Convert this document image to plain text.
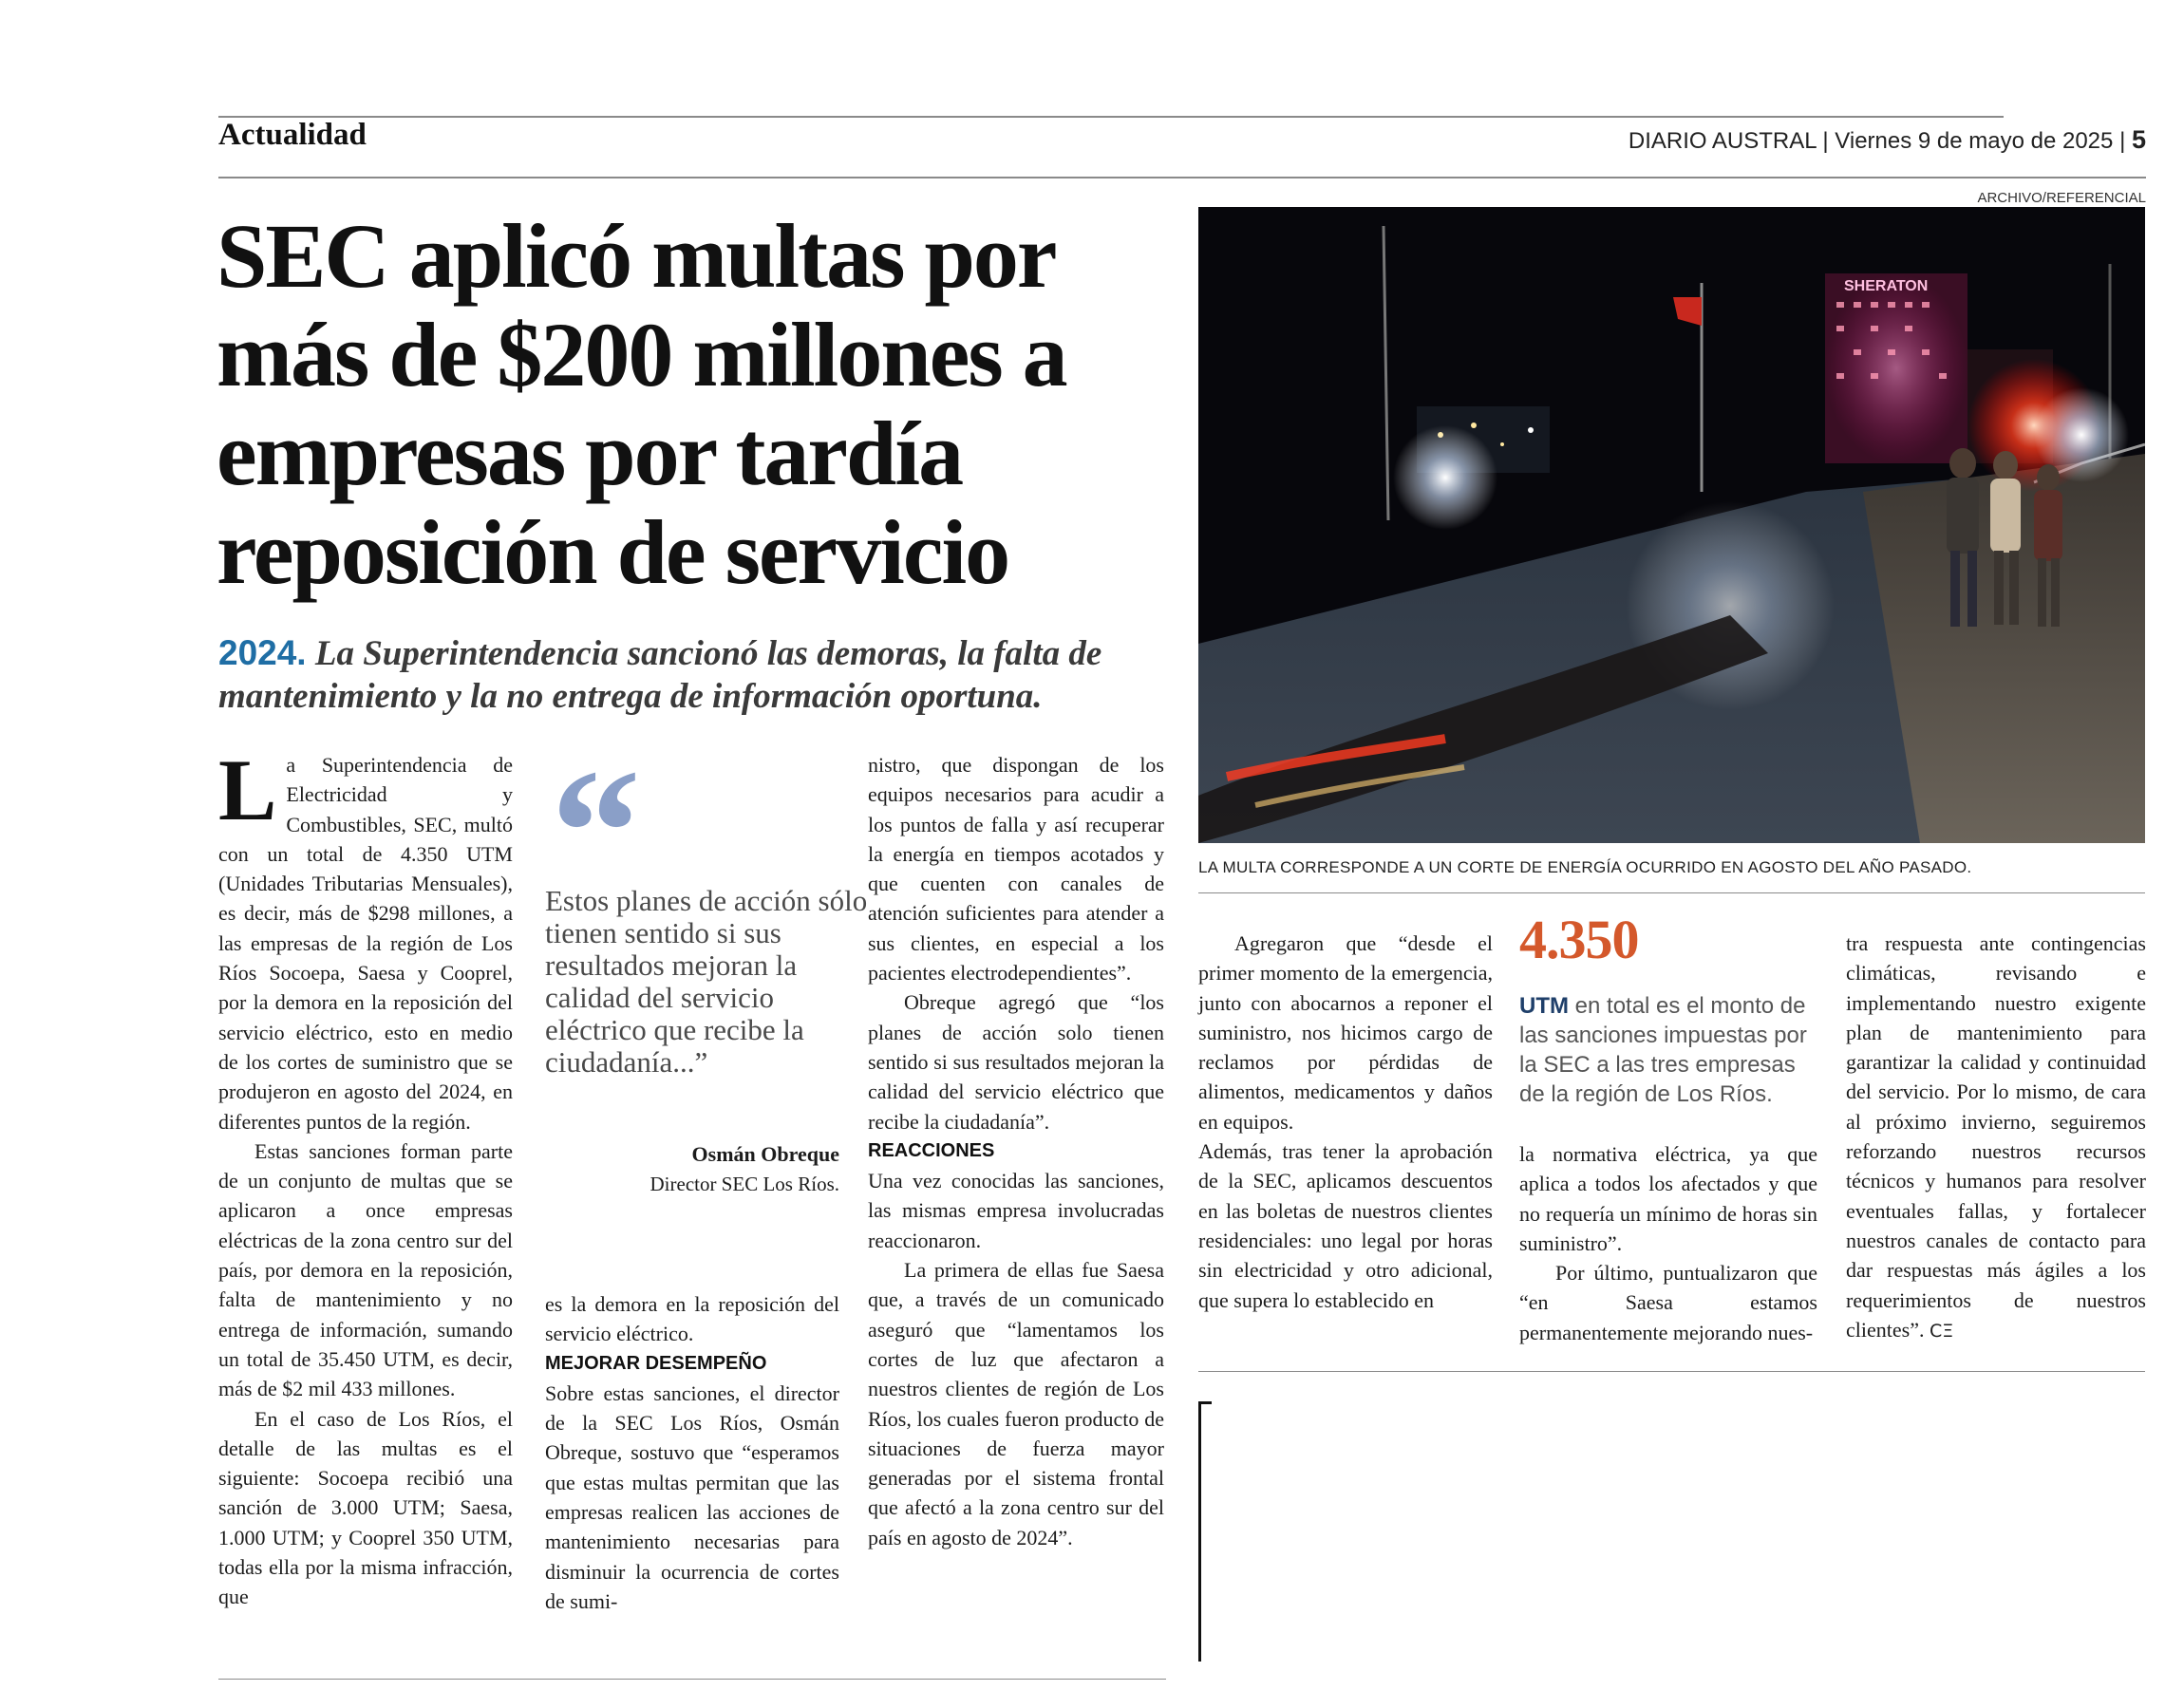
Actualidad	DIARIO AUSTRAL | Viernes 9 de mayo de 2025 | 5
SEC aplicó multas por más de $200 millones a empresas por tardía reposición de servicio
2024. La Superintendencia sancionó las demoras, la falta de mantenimiento y la no entrega de información oportuna.
ARCHIVO/REFERENCIAL
SHERATON
LA MULTA CORRESPONDE A UN CORTE DE ENERGÍA OCURRIDO EN AGOSTO DEL AÑO PASADO.

L a Superintendencia de Electricidad y Combustibles, SEC, multó con un total de 4.350 UTM (Unidades Tributarias Mensuales), es decir, más de $298 millones, a las empresas de la región de Los Ríos Socoepa, Saesa y Cooprel, por la demora en la reposición del servicio eléctrico, esto en medio de los cortes de suministro que se produjeron en agosto del 2024, en diferentes puntos de la región.

Estas sanciones forman parte de un conjunto de multas que se aplicaron a once empresas eléctricas de la zona centro sur del país, por demora en la reposición, falta de mantenimiento y no entrega de información, sumando un total de 35.450 UTM, es decir, más de $2 mil 433 millones.

En el caso de Los Ríos, el detalle de las multas es el siguiente: Socoepa recibió una sanción de 3.000 UTM; Saesa, 1.000 UTM; y Cooprel 350 UTM, todas ella por la misma infracción, que

“
Estos planes de acción sólo tienen sentido si sus resultados mejoran la calidad del servicio eléctrico que recibe la ciudadanía...”
Osmán Obreque
Director SEC Los Ríos.

es la demora en la reposición del servicio eléctrico.

MEJORAR DESEMPEÑO

Sobre estas sanciones, el director de la SEC Los Ríos, Osmán Obreque, sostuvo que “esperamos que estas multas permitan que las empresas realicen las acciones de mantenimiento necesarias para disminuir la ocurrencia de cortes de sumi-

nistro, que dispongan de los equipos necesarios para acudir a los puntos de falla y así recuperar la energía en tiempos acotados y que cuenten con canales de atención suficientes para atender a sus clientes, en especial a los pacientes electrodependientes”.

Obreque agregó que “los planes de acción solo tienen sentido si sus resultados mejoran la calidad del servicio eléctrico que recibe la ciudadanía”.

REACCIONES

Una vez conocidas las sanciones, las mismas empresa involucradas reaccionaron.

La primera de ellas fue Saesa que, a través de un comunicado aseguró que “lamentamos los cortes de luz que afectaron a nuestros clientes de región de Los Ríos, los cuales fueron producto de situaciones de fuerza mayor generadas por el sistema frontal que afectó a la zona centro sur del país en agosto de 2024”.

Agregaron que “desde el primer momento de la emergencia, junto con abocarnos a reponer el suministro, nos hicimos cargo de reclamos por pérdidas de alimentos, medicamentos y daños en equipos.

Además, tras tener la aprobación de la SEC, aplicamos descuentos en las boletas de nuestros clientes residenciales: uno legal por horas sin electricidad y otro adicional, que supera lo establecido en

4.350
UTM en total es el monto de las sanciones impuestas por la SEC a las tres empresas de la región de Los Ríos.

la normativa eléctrica, ya que aplica a todos los afectados y que no requería un mínimo de horas sin suministro”.

Por último, puntualizaron que “en Saesa estamos permanentemente mejorando nues-

tra respuesta ante contingencias climáticas, revisando e implementando nuestro exigente plan de mantenimiento para garantizar la calidad y continuidad del servicio. Por lo mismo, de cara al próximo invierno, seguiremos reforzando nuestros recursos técnicos y humanos para resolver eventuales fallas, y fortalecer nuestros canales de contacto para dar respuestas más ágiles a los requerimientos de nuestros clientes”. CΞ
